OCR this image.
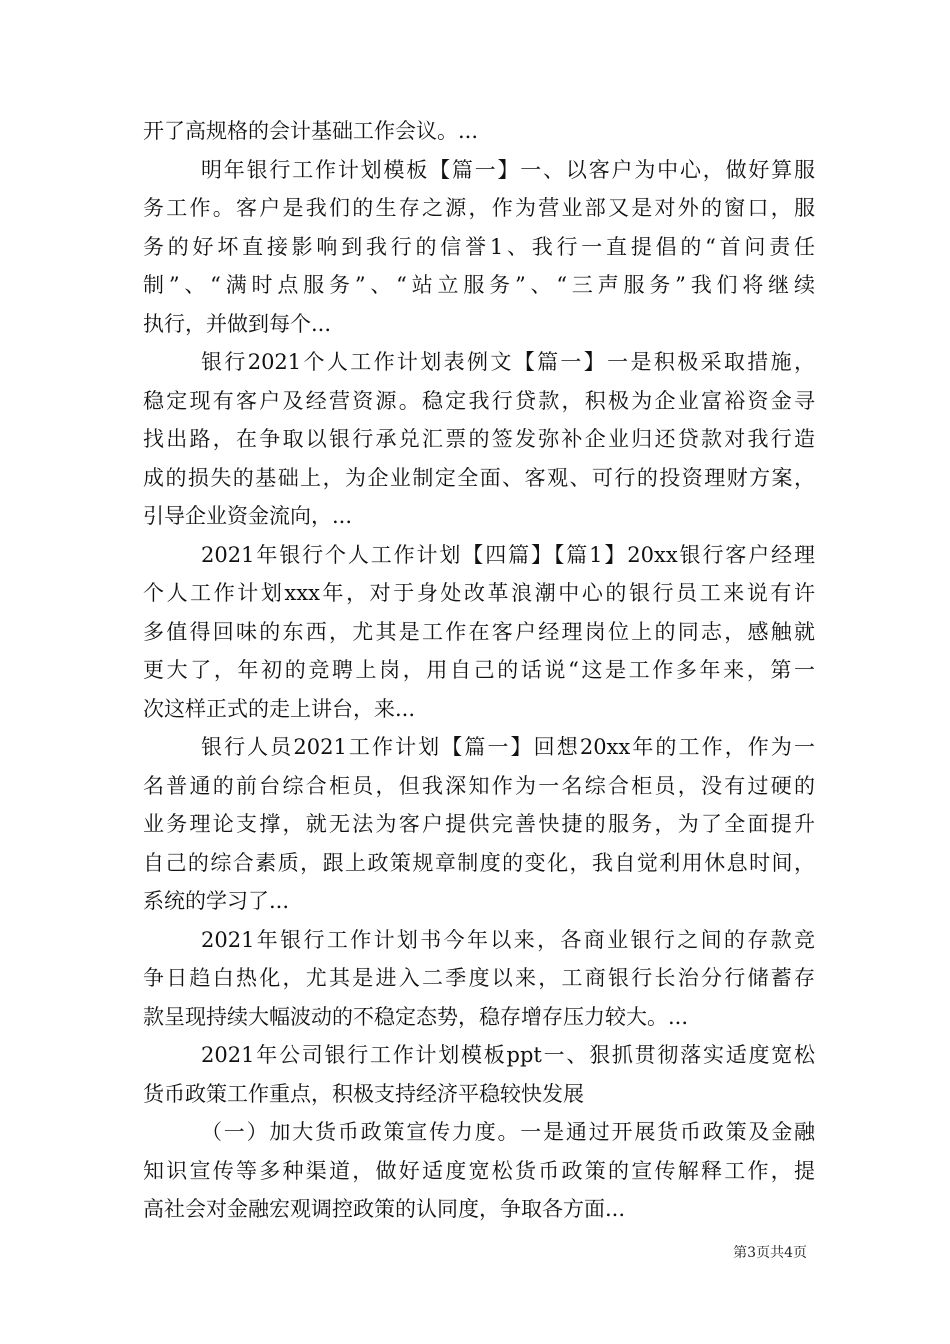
开了高规格的会计基础工作会议。...
明年银行工作计划模板【篇一】一、以客户为中心，做好算服
务工作。客户是我们的生存之源，作为营业部又是对外的窗口，服
务的好坏直接影响到我行的信誉1、我行一直提倡的“首问责任
制”、“满时点服务”、“站立服务”、“三声服务”我们将继续
执行，并做到每个...
银行2021个人工作计划表例文【篇一】一是积极采取措施，
稳定现有客户及经营资源。稳定我行贷款，积极为企业富裕资金寻
找出路，在争取以银行承兑汇票的签发弥补企业归还贷款对我行造
成的损失的基础上，为企业制定全面、客观、可行的投资理财方案，
引导企业资金流向，...
2021年银行个人工作计划【四篇】【篇1】20xx银行客户经理
个人工作计划xxx年，对于身处改革浪潮中心的银行员工来说有许
多值得回味的东西，尤其是工作在客户经理岗位上的同志，感触就
更大了，年初的竞聘上岗，用自己的话说“这是工作多年来，第一
次这样正式的走上讲台，来...
银行人员2021工作计划【篇一】回想20xx年的工作，作为一
名普通的前台综合柜员，但我深知作为一名综合柜员，没有过硬的
业务理论支撑，就无法为客户提供完善快捷的服务，为了全面提升
自己的综合素质，跟上政策规章制度的变化，我自觉利用休息时间，
系统的学习了...
2021年银行工作计划书今年以来，各商业银行之间的存款竞
争日趋白热化，尤其是进入二季度以来，工商银行长治分行储蓄存
款呈现持续大幅波动的不稳定态势，稳存增存压力较大。...
2021年公司银行工作计划模板ppt一、狠抓贯彻落实适度宽松
货币政策工作重点，积极支持经济平稳较快发展
（一）加大货币政策宣传力度。一是通过开展货币政策及金融
知识宣传等多种渠道，做好适度宽松货币政策的宣传解释工作，提
高社会对金融宏观调控政策的认同度，争取各方面...
第3页共4页
